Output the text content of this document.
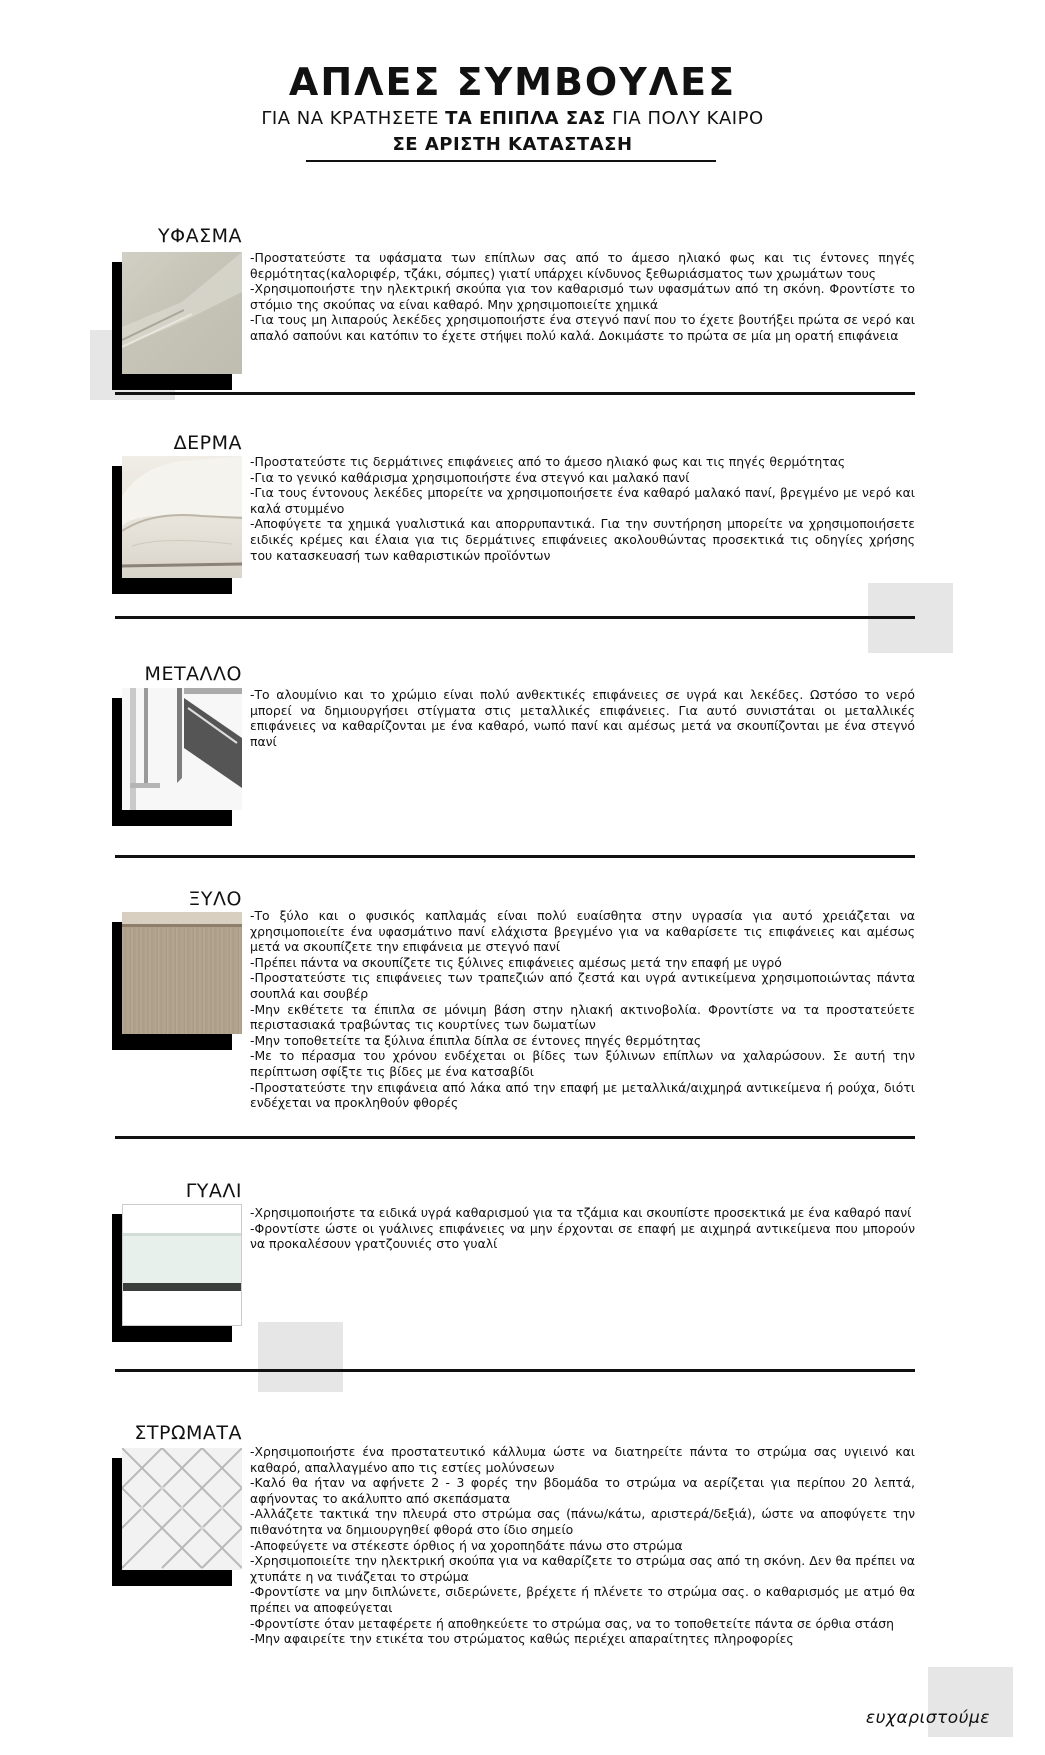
ΑΠΛΕΣ ΣΥΜΒΟΥΛΕΣ
ΓΙΑ ΝΑ ΚΡΑΤΗΣΕΤΕ ΤΑ ΕΠΙΠΛΑ ΣΑΣ ΓΙΑ ΠΟΛΥ ΚΑΙΡΟ
ΣΕ ΑΡΙΣΤΗ ΚΑΤΑΣΤΑΣΗ
ΥΦΑΣΜΑ
-Προστατεύστε τα υφάσματα των επίπλων σας από το άμεσο ηλιακό φως και τις έντονες πηγές θερμότητας(καλοριφέρ, τζάκι, σόμπες) γιατί υπάρχει κίνδυνος ξεθωριάσματος των χρωμάτων τους
-Χρησιμοποιήστε την ηλεκτρική σκούπα για τον καθαρισμό των υφασμάτων από τη σκόνη. Φροντίστε το στόμιο της σκούπας να είναι καθαρό. Μην χρησιμοποιείτε χημικά
-Για τους μη λιπαρούς λεκέδες χρησιμοποιήστε ένα στεγνό πανί που το έχετε βουτήξει πρώτα σε νερό και απαλό σαπούνι και κατόπιν το έχετε στήψει πολύ καλά. Δοκιμάστε το πρώτα σε μία μη ορατή επιφάνεια
ΔΕΡΜΑ
-Προστατεύστε τις δερμάτινες επιφάνειες από το άμεσο ηλιακό φως και τις πηγές θερμότητας
-Για το γενικό καθάρισμα χρησιμοποιήστε ένα στεγνό και μαλακό πανί
-Για τους έντονους λεκέδες μπορείτε να χρησιμοποιήσετε ένα καθαρό μαλακό πανί, βρεγμένο με νερό και καλά στυμμένο
-Αποφύγετε τα χημικά γυαλιστικά και απορρυπαντικά. Για την συντήρηση μπορείτε να χρησιμοποιήσετε ειδικές κρέμες και έλαια για τις δερμάτινες επιφάνειες ακολουθώντας προσεκτικά τις οδηγίες χρήσης του κατασκευασή των καθαριστικών προϊόντων
ΜΕΤΑΛΛΟ
-Το αλουμίνιο και το χρώμιο είναι πολύ ανθεκτικές επιφάνειες σε υγρά και λεκέδες. Ωστόσο το νερό μπορεί να δημιουργήσει στίγματα στις μεταλλικές επιφάνειες. Για αυτό συνιστάται οι μεταλλικές επιφάνειες να καθαρίζονται με ένα καθαρό, νωπό πανί και αμέσως μετά να σκουπίζονται με ένα στεγνό πανί
ΞΥΛΟ
-Το ξύλο και ο φυσικός καπλαμάς είναι πολύ ευαίσθητα στην υγρασία για αυτό χρειάζεται να χρησιμοποιείτε ένα υφασμάτινο πανί ελάχιστα βρεγμένο για να καθαρίσετε τις επιφάνειες και αμέσως μετά να σκουπίζετε την επιφάνεια με στεγνό πανί
-Πρέπει πάντα να σκουπίζετε τις ξύλινες επιφάνειες αμέσως μετά την επαφή με υγρό
-Προστατεύστε τις επιφάνειες των τραπεζιών από ζεστά και υγρά αντικείμενα χρησιμοποιώντας πάντα σουπλά και σουβέρ
-Μην εκθέτετε τα έπιπλα σε μόνιμη βάση στην ηλιακή ακτινοβολία. Φροντίστε να τα προστατεύετε περιστασιακά τραβώντας τις κουρτίνες των δωματίων
-Μην τοποθετείτε τα ξύλινα έπιπλα δίπλα σε έντονες πηγές θερμότητας
-Με το πέρασμα του χρόνου ενδέχεται οι βίδες των ξύλινων επίπλων να χαλαρώσουν. Σε αυτή την περίπτωση σφίξτε τις βίδες με ένα κατσαβίδι
-Προστατεύστε την επιφάνεια από λάκα από την επαφή με μεταλλικά/αιχμηρά αντικείμενα ή ρούχα, διότι ενδέχεται να προκληθούν φθορές
ΓΥΑΛΙ
-Χρησιμοποιήστε τα ειδικά υγρά καθαρισμού για τα τζάμια και σκουπίστε προσεκτικά με ένα καθαρό πανί
-Φροντίστε ώστε οι γυάλινες επιφάνειες να μην έρχονται σε επαφή με αιχμηρά αντικείμενα που μπορούν να προκαλέσουν γρατζουνιές στο γυαλί
ΣΤΡΩΜΑΤΑ
-Χρησιμοποιήστε ένα προστατευτικό κάλλυμα ώστε να διατηρείτε πάντα το στρώμα σας υγιεινό και καθαρό, απαλλαγμένο απο τις εστίες μολύνσεων
-Καλό θα ήταν να αφήνετε 2 - 3 φορές την βδομάδα το στρώμα να αερίζεται για περίπου 20 λεπτά, αφήνοντας το ακάλυπτο από σκεπάσματα
-Αλλάζετε τακτικά την πλευρά στο στρώμα σας (πάνω/κάτω, αριστερά/δεξιά), ώστε να αποφύγετε την πιθανότητα να δημιουργηθεί φθορά στο ίδιο σημείο
-Αποφεύγετε να στέκεστε όρθιος ή να χοροπηδάτε πάνω στο στρώμα
-Χρησιμοποιείτε την ηλεκτρική σκούπα για να καθαρίζετε το στρώμα σας από τη σκόνη. Δεν θα πρέπει να χτυπάτε η να τινάζεται το στρώμα
-Φροντίστε να μην διπλώνετε, σιδερώνετε, βρέχετε ή πλένετε το στρώμα σας. ο καθαρισμός με ατμό θα πρέπει να αποφεύγεται
-Φροντίστε όταν μεταφέρετε ή αποθηκεύετε το στρώμα σας, να το τοποθετείτε πάντα σε όρθια στάση
-Μην αφαιρείτε την ετικέτα του στρώματος καθώς περιέχει απαραίτητες πληροφορίες
ευχαριστούμε
